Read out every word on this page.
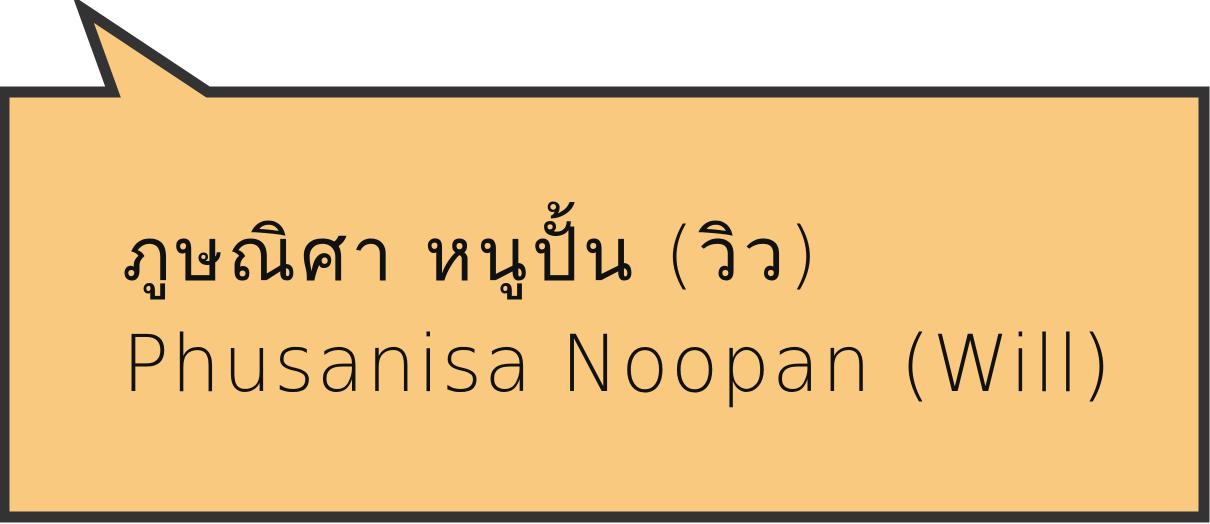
ภูษณิศา หนูปั้น (วิว)
Phusanisa Noopan (Will)
